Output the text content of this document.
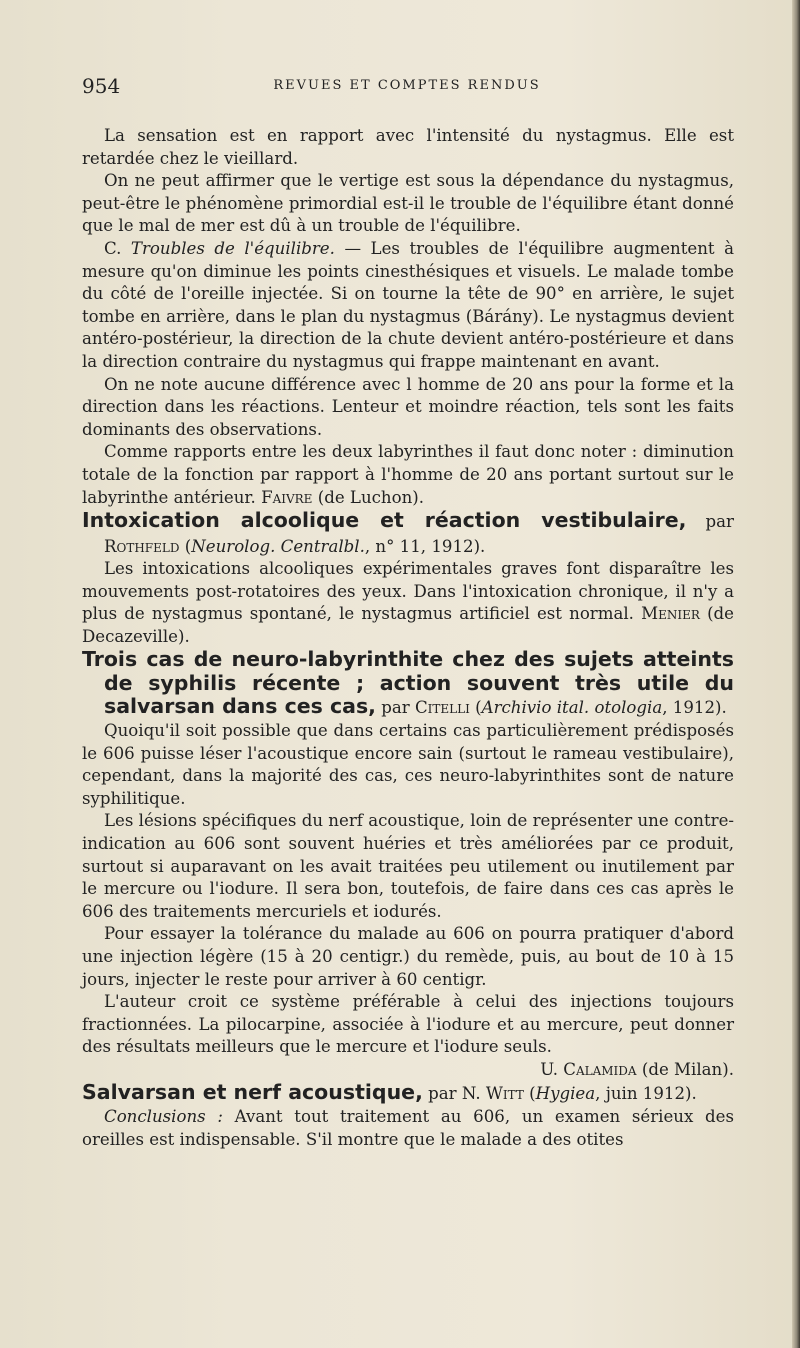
954	REVUES ET COMPTES RENDUS

La sensation est en rapport avec l'intensité du nystagmus. Elle est retardée chez le vieillard.

On ne peut affirmer que le vertige est sous la dépendance du nystagmus, peut-être le phénomène primordial est-il le trouble de l'équilibre étant donné que le mal de mer est dû à un trouble de l'équilibre.

C. Troubles de l'équilibre. — Les troubles de l'équilibre augmentent à mesure qu'on diminue les points cinesthésiques et visuels. Le malade tombe du côté de l'oreille injectée. Si on tourne la tête de 90° en arrière, le sujet tombe en arrière, dans le plan du nystagmus (Bárány). Le nystagmus devient antéro-postérieur, la direction de la chute devient antéro-postérieure et dans la direction contraire du nystagmus qui frappe maintenant en avant.

On ne note aucune différence avec l homme de 20 ans pour la forme et la direction dans les réactions. Lenteur et moindre réaction, tels sont les faits dominants des observations.

Comme rapports entre les deux labyrinthes il faut donc noter : diminution totale de la fonction par rapport à l'homme de 20 ans portant surtout sur le labyrinthe antérieur. Faivre (de Luchon).

Intoxication alcoolique et réaction vestibulaire, par Rothfeld (Neurolog. Centralbl., n° 11, 1912).

Les intoxications alcooliques expérimentales graves font disparaître les mouvements post-rotatoires des yeux. Dans l'intoxication chronique, il n'y a plus de nystagmus spontané, le nystagmus artificiel est normal. Menier (de Decazeville).

Trois cas de neuro-labyrinthite chez des sujets atteints de syphilis récente ; action souvent très utile du salvarsan dans ces cas, par Citelli (Archivio ital. otologia, 1912).

Quoiqu'il soit possible que dans certains cas particulièrement prédisposés le 606 puisse léser l'acoustique encore sain (surtout le rameau vestibulaire), cependant, dans la majorité des cas, ces neuro-labyrinthites sont de nature syphilitique.

Les lésions spécifiques du nerf acoustique, loin de représenter une contre-indication au 606 sont souvent huéries et très améliorées par ce produit, surtout si auparavant on les avait traitées peu utilement ou inutilement par le mercure ou l'iodure. Il sera bon, toutefois, de faire dans ces cas après le 606 des traitements mercuriels et iodurés.

Pour essayer la tolérance du malade au 606 on pourra pratiquer d'abord une injection légère (15 à 20 centigr.) du remède, puis, au bout de 10 à 15 jours, injecter le reste pour arriver à 60 centigr.

L'auteur croit ce système préférable à celui des injections toujours fractionnées. La pilocarpine, associée à l'iodure et au mercure, peut donner des résultats meilleurs que le mercure et l'iodure seuls.

U. Calamida (de Milan).

Salvarsan et nerf acoustique, par N. Witt (Hygiea, juin 1912).

Conclusions : Avant tout traitement au 606, un examen sérieux des oreilles est indispensable. S'il montre que le malade a des otites
